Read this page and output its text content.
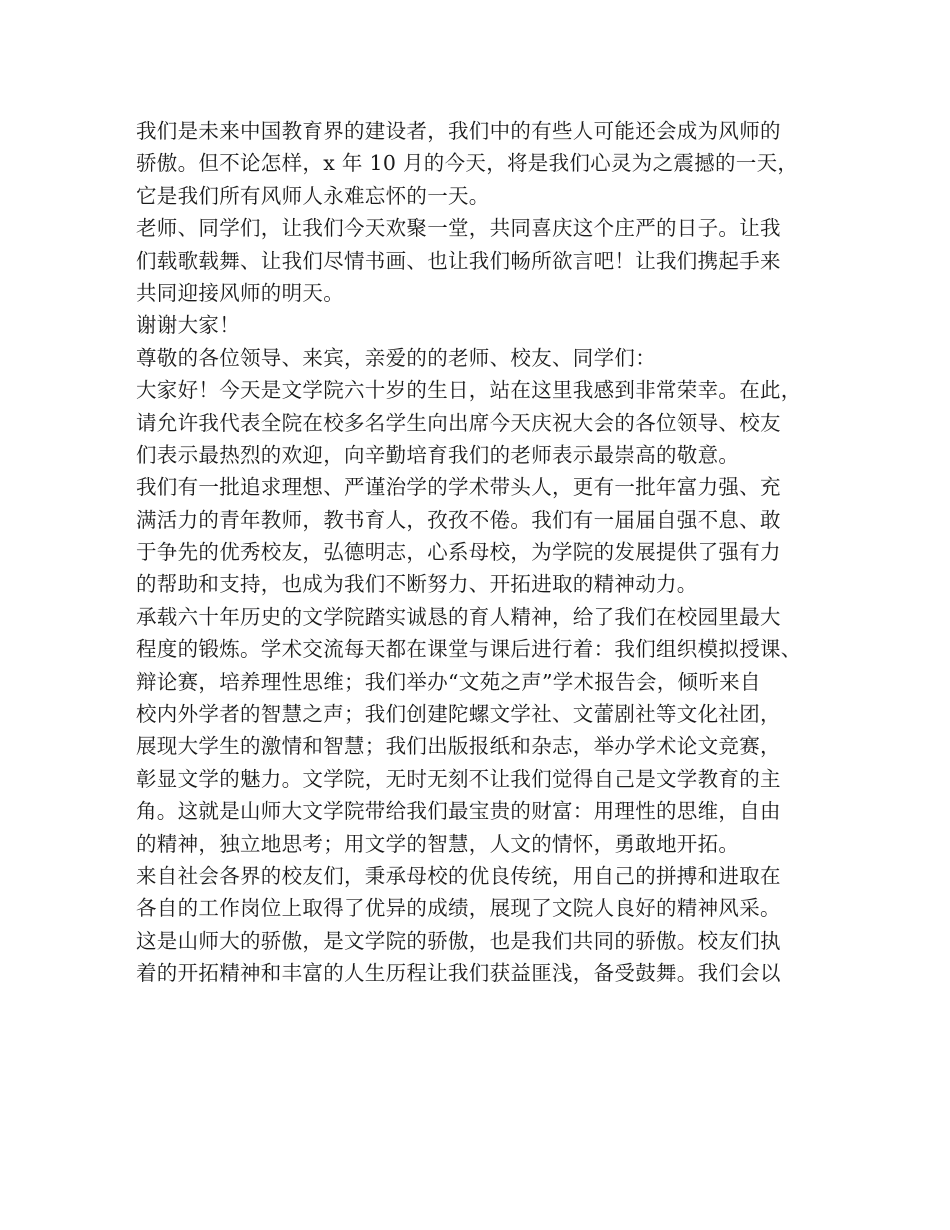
我们是未来中国教育界的建设者，我们中的有些人可能还会成为风师的
骄傲。但不论怎样，x 年 10 月的今天，将是我们心灵为之震撼的一天，
它是我们所有风师人永难忘怀的一天。
老师、同学们，让我们今天欢聚一堂，共同喜庆这个庄严的日子。让我
们载歌载舞、让我们尽情书画、也让我们畅所欲言吧！让我们携起手来
共同迎接风师的明天。
谢谢大家！
尊敬的各位领导、来宾，亲爱的的老师、校友、同学们：
大家好！今天是文学院六十岁的生日，站在这里我感到非常荣幸。在此，
请允许我代表全院在校多名学生向出席今天庆祝大会的各位领导、校友
们表示最热烈的欢迎，向辛勤培育我们的老师表示最崇高的敬意。
我们有一批追求理想、严谨治学的学术带头人，更有一批年富力强、充
满活力的青年教师，教书育人，孜孜不倦。我们有一届届自强不息、敢
于争先的优秀校友，弘德明志，心系母校，为学院的发展提供了强有力
的帮助和支持，也成为我们不断努力、开拓进取的精神动力。
承载六十年历史的文学院踏实诚恳的育人精神，给了我们在校园里最大
程度的锻炼。学术交流每天都在课堂与课后进行着：我们组织模拟授课、
辩论赛，培养理性思维；我们举办“文苑之声”学术报告会，倾听来自
校内外学者的智慧之声；我们创建陀螺文学社、文蕾剧社等文化社团，
展现大学生的激情和智慧；我们出版报纸和杂志，举办学术论文竞赛，
彰显文学的魅力。文学院，无时无刻不让我们觉得自己是文学教育的主
角。这就是山师大文学院带给我们最宝贵的财富：用理性的思维，自由
的精神，独立地思考；用文学的智慧，人文的情怀，勇敢地开拓。
来自社会各界的校友们，秉承母校的优良传统，用自己的拼搏和进取在
各自的工作岗位上取得了优异的成绩，展现了文院人良好的精神风采。
这是山师大的骄傲，是文学院的骄傲，也是我们共同的骄傲。校友们执
着的开拓精神和丰富的人生历程让我们获益匪浅，备受鼓舞。我们会以
